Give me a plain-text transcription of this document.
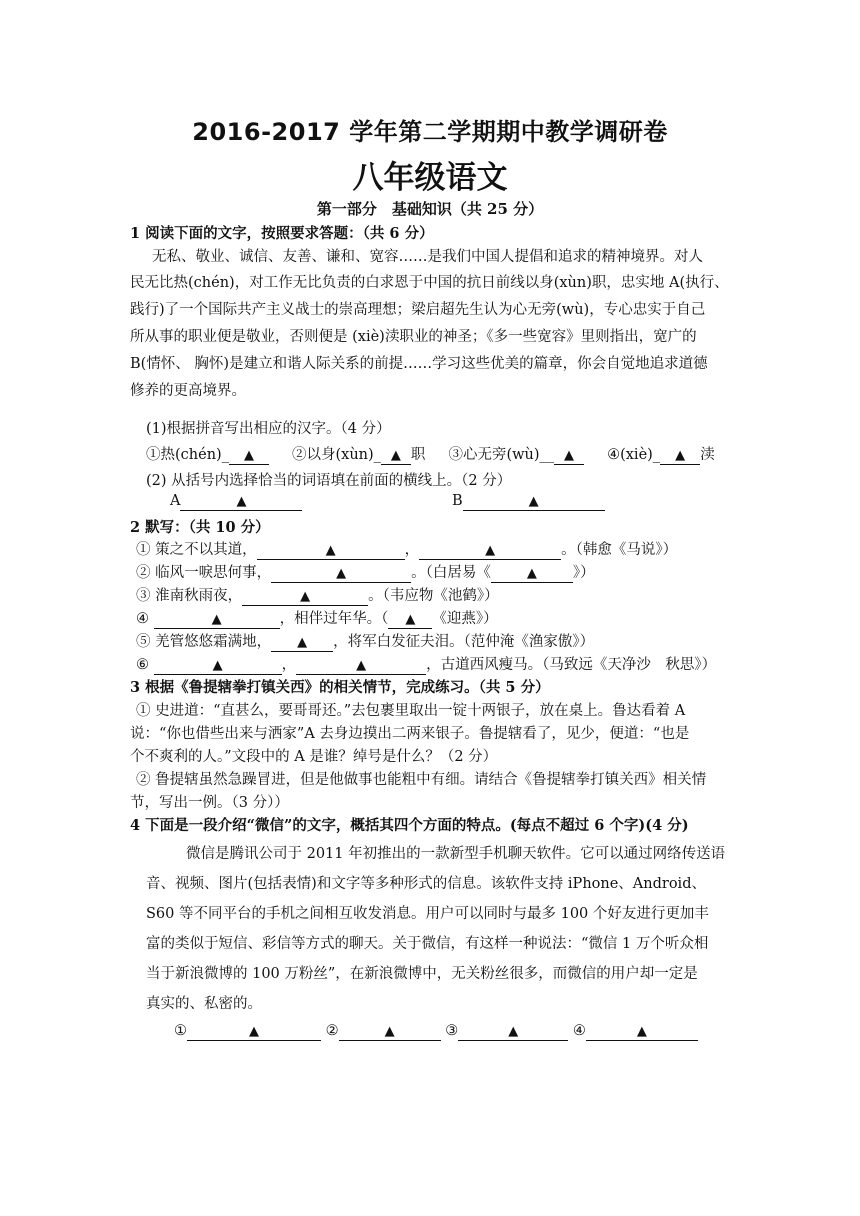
2016-2017 学年第二学期期中教学调研卷
八年级语文
第一部分　基础知识（共 25 分）
1 阅读下面的文字，按照要求答题：（共 6 分）
无私、敬业、诚信、友善、谦和、宽容……是我们中国人提倡和追求的精神境界。对人
民无比热(chén)，对工作无比负责的白求恩于中国的抗日前线以身(xùn)职，忠实地 A(执行、
践行)了一个国际共产主义战士的崇高理想；梁启超先生认为心无旁(wù)，专心忠实于自己
所从事的职业便是敬业，否则便是 (xiè)渎职业的神圣；《多一些宽容》里则指出，宽广的
B(情怀、 胸怀)是建立和谐人际关系的前提……学习这些优美的篇章，你会自觉地追求道德
修养的更高境界。
(1)根据拼音写出相应的汉字。（4 分）
①热(chén)_ ▲	②以身(xùn)_ ▲ 职 ③心无旁(wù)__ ▲ ④(xiè)_ ▲ 渎
(2) 从括号内选择恰当的词语填在前面的横线上。（2 分）
A	▲	B	▲
2 默写：（共 10 分）
① 策之不以其道，	▲	，	▲	。（韩愈《马说》）
② 临风一唳思何事，	▲	。（白居易《	▲ 》）
③ 淮南秋雨夜，	▲	。（韦应物《池鹤》）
④	▲	，相伴过年华。（ ▲ 《迎燕》）
⑤ 羌管悠悠霜满地， ▲ ，将军白发征夫泪。（范仲淹《渔家傲》）
⑥	▲	，	▲	，古道西风瘦马。（马致远《天净沙　秋思》）
3 根据《鲁提辖拳打镇关西》的相关情节，完成练习。（共 5 分）
① 史进道：“直甚么，要哥哥还。”去包裹里取出一锭十两银子，放在桌上。鲁达看着 A
说：“你也借些出来与洒家”A 去身边摸出二两来银子。鲁提辖看了，见少，便道：“也是
个不爽利的人。”文段中的 A 是谁？绰号是什么？（2 分）
② 鲁提辖虽然急躁冒进，但是他做事也能粗中有细。请结合《鲁提辖拳打镇关西》相关情
节，写出一例。（3 分））
4 下面是一段介绍“微信”的文字，概括其四个方面的特点。(每点不超过 6 个字)(4 分)
微信是腾讯公司于 2011 年初推出的一款新型手机聊天软件。它可以通过网络传送语
音、视频、图片(包括表情)和文字等多种形式的信息。该软件支持 iPhone、Android、
S60 等不同平台的手机之间相互收发消息。用户可以同时与最多 100 个好友进行更加丰
富的类似于短信、彩信等方式的聊天。关于微信，有这样一种说法：“微信 1 万个听众相
当于新浪微博的 100 万粉丝”，在新浪微博中，无关粉丝很多，而微信的用户却一定是
真实的、私密的。
①	▲	②	▲	③	▲	④	▲
